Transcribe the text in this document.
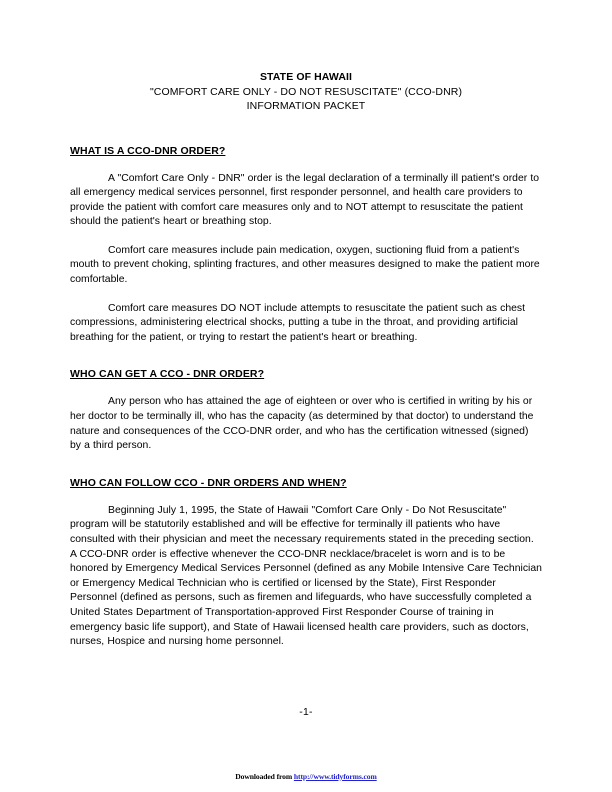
STATE OF HAWAII
"COMFORT CARE ONLY - DO NOT RESUSCITATE" (CCO-DNR)
INFORMATION PACKET
WHAT IS A CCO-DNR ORDER?

A "Comfort Care Only - DNR" order is the legal declaration of a terminally ill patient's order to all emergency medical services personnel, first responder personnel, and health care providers to provide the patient with comfort care measures only and to NOT attempt to resuscitate the patient should the patient's heart or breathing stop.

Comfort care measures include pain medication, oxygen, suctioning fluid from a patient's mouth to prevent choking, splinting fractures, and other measures designed to make the patient more comfortable.

Comfort care measures DO NOT include attempts to resuscitate the patient such as chest compressions, administering electrical shocks, putting a tube in the throat, and providing artificial breathing for the patient, or trying to restart the patient's heart or breathing.

WHO CAN GET A CCO - DNR ORDER?

Any person who has attained the age of eighteen or over who is certified in writing by his or her doctor to be terminally ill, who has the capacity (as determined by that doctor) to understand the nature and consequences of the CCO-DNR order, and who has the certification witnessed (signed) by a third person.

WHO CAN FOLLOW CCO - DNR ORDERS AND WHEN?

Beginning July 1, 1995, the State of Hawaii "Comfort Care Only - Do Not Resuscitate" program will be statutorily established and will be effective for terminally ill patients who have consulted with their physician and meet the necessary requirements stated in the preceding section. A CCO-DNR order is effective whenever the CCO-DNR necklace/bracelet is worn and is to be honored by Emergency Medical Services Personnel (defined as any Mobile Intensive Care Technician or Emergency Medical Technician who is certified or licensed by the State), First Responder Personnel (defined as persons, such as firemen and lifeguards, who have successfully completed a United States Department of Transportation-approved First Responder Course of training in emergency basic life support), and State of Hawaii licensed health care providers, such as doctors, nurses, Hospice and nursing home personnel.

-1-
Downloaded from http://www.tidyforms.com
